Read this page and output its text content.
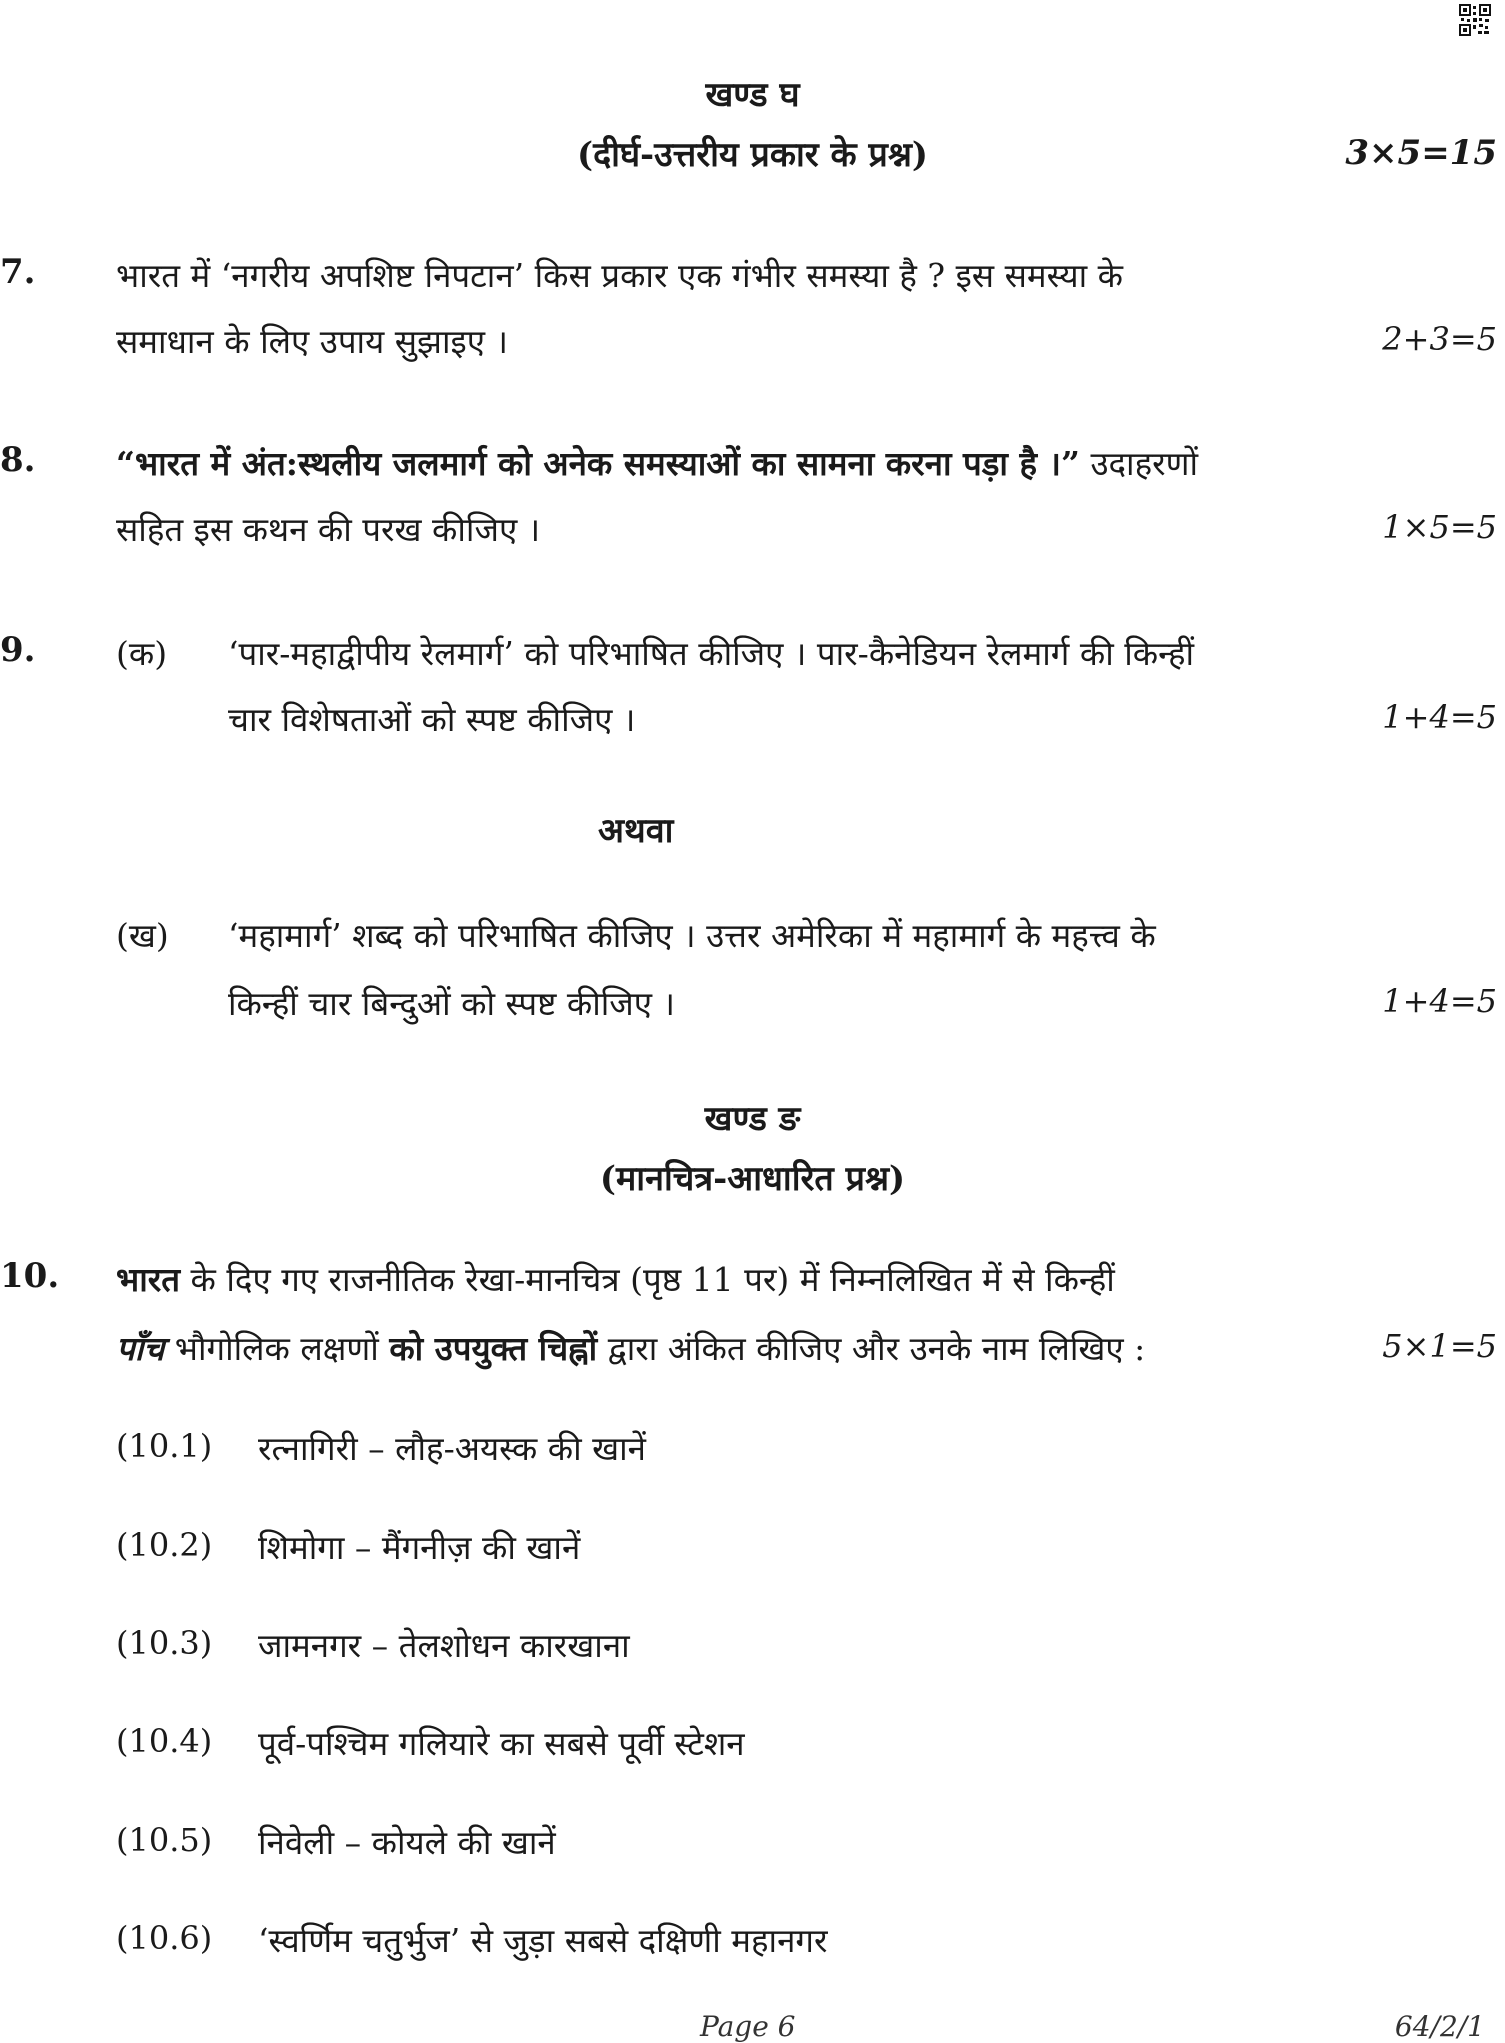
खण्ड घ
(दीर्घ-उत्तरीय प्रकार के प्रश्न)	3×5=15
7. भारत में ‘नगरीय अपशिष्ट निपटान’ किस प्रकार एक गंभीर समस्या है ? इस समस्या के
समाधान के लिए उपाय सुझाइए ।	2+3=5
8. “भारत में अंत:स्थलीय जलमार्ग को अनेक समस्याओं का सामना करना पड़ा है ।” उदाहरणों
सहित इस कथन की परख कीजिए ।	1×5=5
9. (क) ‘पार-महाद्वीपीय रेलमार्ग’ को परिभाषित कीजिए । पार-कैनेडियन रेलमार्ग की किन्हीं
चार विशेषताओं को स्पष्ट कीजिए ।	1+4=5
अथवा
(ख) ‘महामार्ग’ शब्द को परिभाषित कीजिए । उत्तर अमेरिका में महामार्ग के महत्त्व के
किन्हीं चार बिन्दुओं को स्पष्ट कीजिए ।	1+4=5
खण्ड ङ
(मानचित्र-आधारित प्रश्न)
10. भारत के दिए गए राजनीतिक रेखा-मानचित्र (पृष्ठ 11 पर) में निम्नलिखित में से किन्हीं
पाँच भौगोलिक लक्षणों को उपयुक्त चिह्नों द्वारा अंकित कीजिए और उनके नाम लिखिए :	5×1=5
(10.1) रत्नागिरी – लौह-अयस्क की खानें
(10.2) शिमोगा – मैंगनीज़ की खानें
(10.3) जामनगर – तेलशोधन कारखाना
(10.4) पूर्व-पश्चिम गलियारे का सबसे पूर्वी स्टेशन
(10.5) निवेली – कोयले की खानें
(10.6) ‘स्वर्णिम चतुर्भुज’ से जुड़ा सबसे दक्षिणी महानगर
Page 6	64/2/1
